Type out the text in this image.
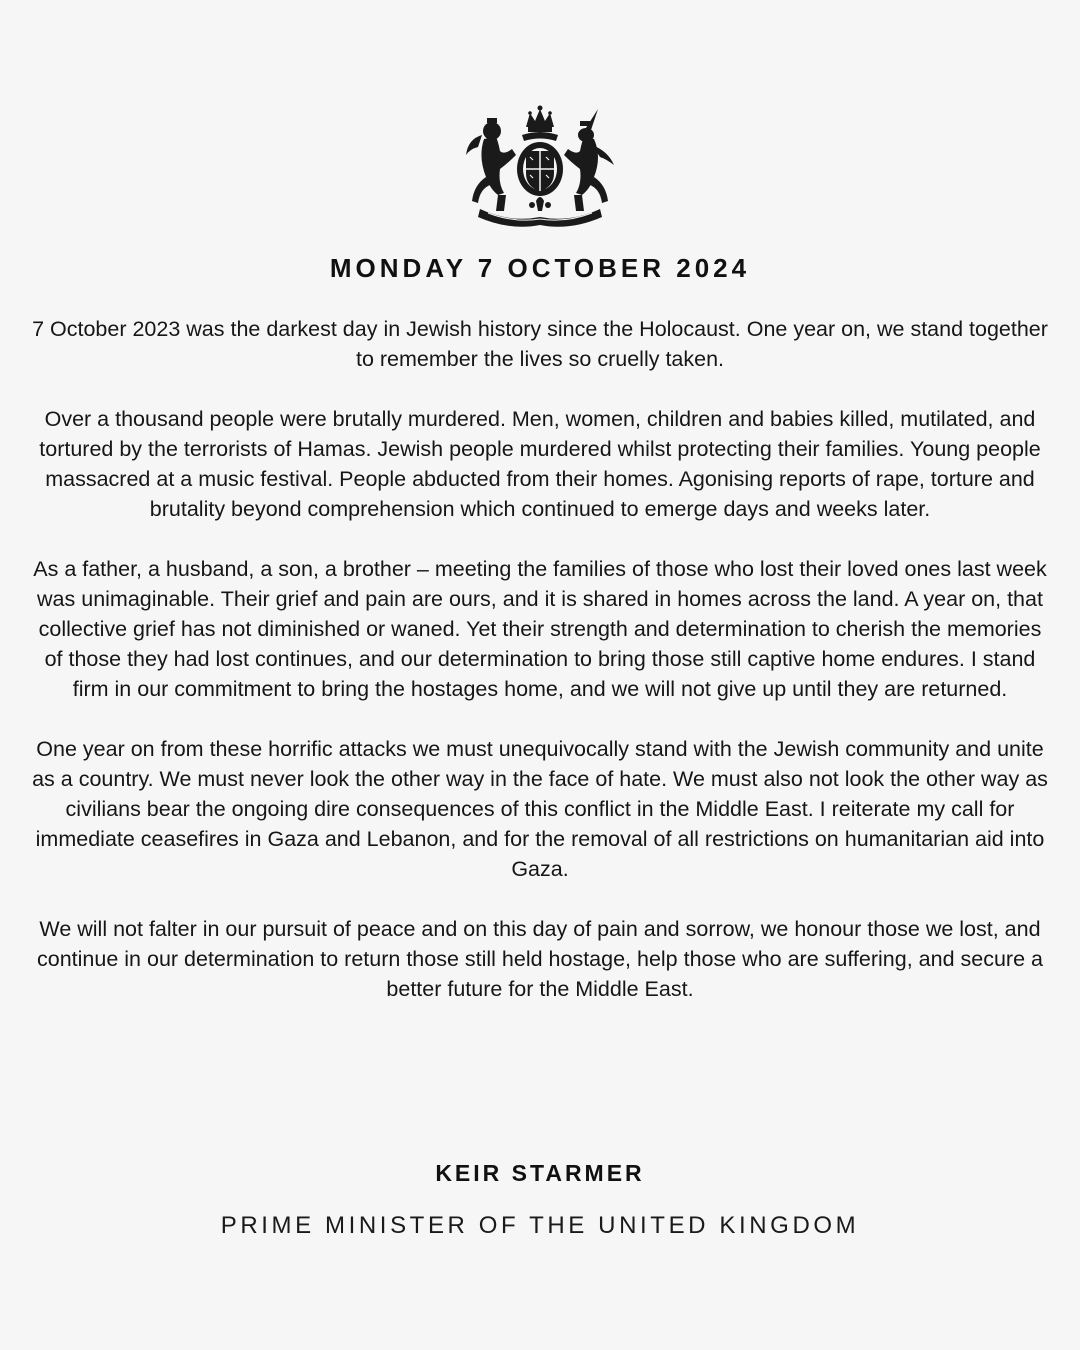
MONDAY 7 OCTOBER 2024

7 October 2023 was the darkest day in Jewish history since the Holocaust. One year on, we stand together to remember the lives so cruelly taken.

Over a thousand people were brutally murdered. Men, women, children and babies killed, mutilated, and tortured by the terrorists of Hamas. Jewish people murdered whilst protecting their families. Young people massacred at a music festival. People abducted from their homes. Agonising reports of rape, torture and brutality beyond comprehension which continued to emerge days and weeks later.

As a father, a husband, a son, a brother – meeting the families of those who lost their loved ones last week was unimaginable. Their grief and pain are ours, and it is shared in homes across the land. A year on, that collective grief has not diminished or waned. Yet their strength and determination to cherish the memories of those they had lost continues, and our determination to bring those still captive home endures. I stand firm in our commitment to bring the hostages home, and we will not give up until they are returned.

One year on from these horrific attacks we must unequivocally stand with the Jewish community and unite as a country. We must never look the other way in the face of hate. We must also not look the other way as civilians bear the ongoing dire consequences of this conflict in the Middle East. I reiterate my call for immediate ceasefires in Gaza and Lebanon, and for the removal of all restrictions on humanitarian aid into Gaza.

We will not falter in our pursuit of peace and on this day of pain and sorrow, we honour those we lost, and continue in our determination to return those still held hostage, help those who are suffering, and secure a better future for the Middle East.

KEIR STARMER
PRIME MINISTER OF THE UNITED KINGDOM
